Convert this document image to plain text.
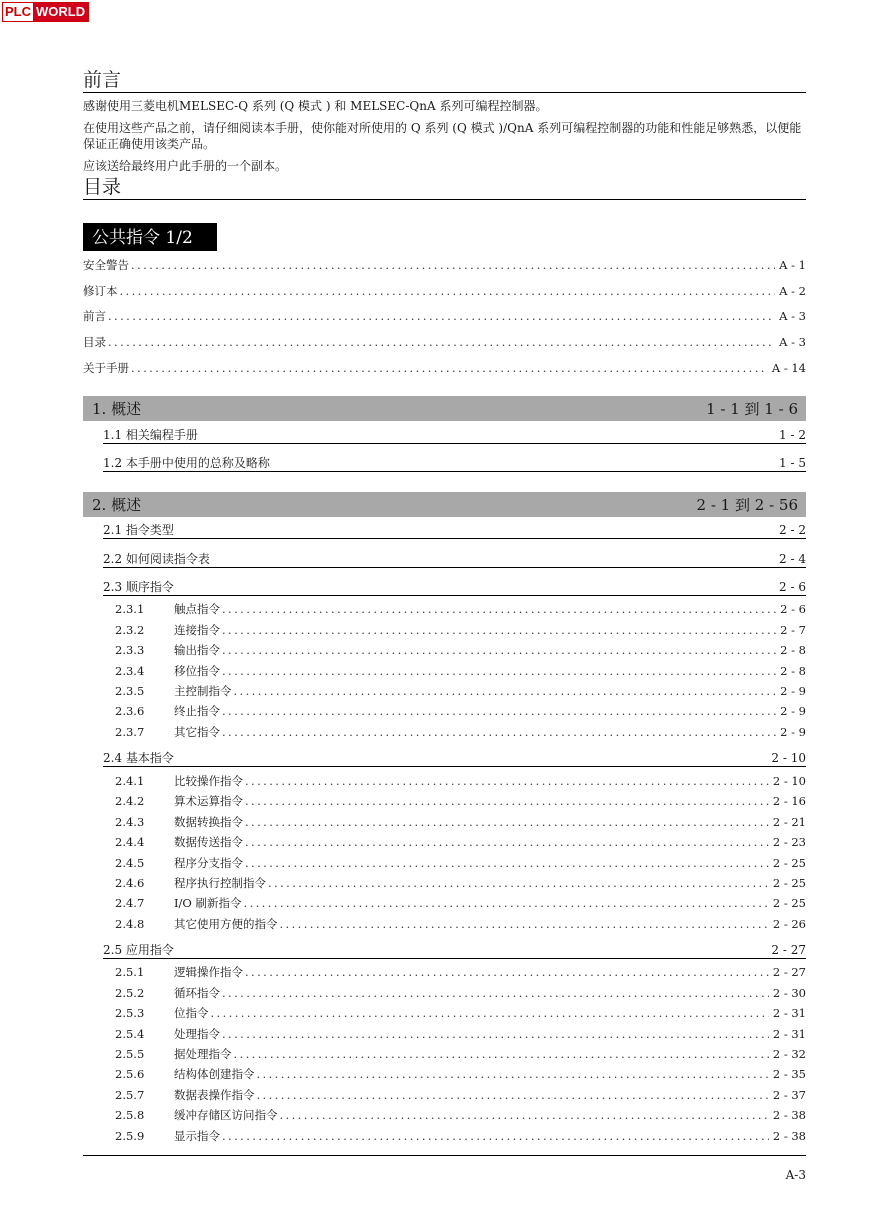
PLC WORLD
前言
感谢使用三菱电机MELSEC-Q 系列 (Q 模式 ) 和 MELSEC-QnA 系列可编程控制器。
在使用这些产品之前，请仔细阅读本手册，使你能对所使用的 Q 系列 (Q 模式 )/QnA 系列可编程控制器的功能和性能足够熟悉，以便能保证正确使用该类产品。
应该送给最终用户此手册的一个副本。
目录
公共指令 1/2
安全警告 .....	A - 1
修订本 .....	A - 2
前言 .....	A - 3
目录 .....	A - 3
关于手册 .....	A - 14
1. 概述	1 - 1 到 1 - 6
1.1 相关编程手册	1 - 2
1.2 本手册中使用的总称及略称	1 - 5
2. 概述	2 - 1 到 2 - 56
2.1 指令类型	2 - 2
2.2 如何阅读指令表	2 - 4
2.3 顺序指令	2 - 6
2.3.1	触点指令 .....	2 - 6
2.3.2	连接指令 .....	2 - 7
2.3.3	输出指令 .....	2 - 8
2.3.4	移位指令 .....	2 - 8
2.3.5	主控制指令 .....	2 - 9
2.3.6	终止指令 .....	2 - 9
2.3.7	其它指令 .....	2 - 9
2.4 基本指令	2 - 10
2.4.1	比较操作指令 .....	2 - 10
2.4.2	算术运算指令 .....	2 - 16
2.4.3	数据转换指令 .....	2 - 21
2.4.4	数据传送指令 .....	2 - 23
2.4.5	程序分支指令 .....	2 - 25
2.4.6	程序执行控制指令 .....	2 - 25
2.4.7	I/O 刷新指令 .....	2 - 25
2.4.8	其它使用方便的指令 .....	2 - 26
2.5 应用指令	2 - 27
2.5.1	逻辑操作指令 .....	2 - 27
2.5.2	循环指令 .....	2 - 30
2.5.3	位指令 .....	2 - 31
2.5.4	处理指令 .....	2 - 31
2.5.5	据处理指令 .....	2 - 32
2.5.6	结构体创建指令 .....	2 - 35
2.5.7	数据表操作指令 .....	2 - 37
2.5.8	缓冲存储区访问指令 .....	2 - 38
2.5.9	显示指令 .....	2 - 38
A-3
